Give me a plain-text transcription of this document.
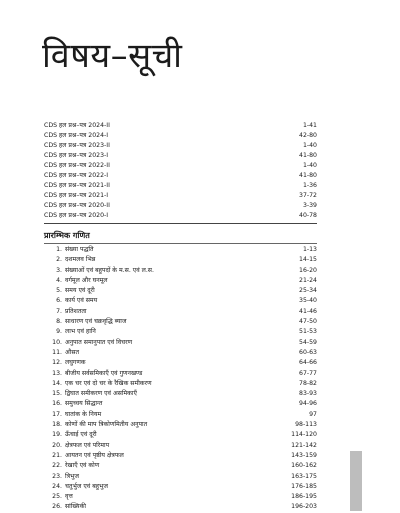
विषय–सूची
CDS हल प्रश्न–पत्र 2024-II	1-41
CDS हल प्रश्न–पत्र 2024-I	42-80
CDS हल प्रश्न–पत्र 2023-II	1-40
CDS हल प्रश्न–पत्र 2023-I	41-80
CDS हल प्रश्न–पत्र 2022-II	1-40
CDS हल प्रश्न–पत्र 2022-I	41-80
CDS हल प्रश्न–पत्र 2021-II	1-36
CDS हल प्रश्न–पत्र 2021-I	37-72
CDS हल प्रश्न–पत्र 2020-II	3-39
CDS हल प्रश्न–पत्र 2020-I	40-78
प्रारम्भिक गणित
1. संख्या पद्धति	1-13
2. दशमलव भिन्न	14-15
3. संख्याओं एवं बहुपदों के म.स. एवं ल.स.	16-20
4. वर्गमूल और घनमूल	21-24
5. समय एवं दूरी	25-34
6. कार्य एवं समय	35-40
7. प्रतिशतता	41-46
8. साधारण एवं चक्रवृद्धि ब्याज	47-50
9. लाभ एवं हानि	51-53
10. अनुपात समानुपात एवं विचरण	54-59
11. औसत	60-63
12. लघुगणक	64-66
13. बीजीय सर्वसमिकाएँ एवं गुणनखण्ड	67-77
14. एक चर एवं दो चर के रैखिक समीकरण	78-82
15. द्विघात समीकरण एवं असमिकाएँ	83-93
16. समुच्चय सिद्धान्त	94-96
17. घातांक के नियम	97
18. कोणों की माप त्रिकोणमितीय अनुपात	98-113
19. ऊँचाई एवं दूरी	114-120
20. क्षेत्रफल एवं परिमाप	121-142
21. आयतन एवं पृष्ठीय क्षेत्रफल	143-159
22. रेखाएँ एवं कोण	160-162
23. त्रिभुज	163-175
24. चतुर्भुज एवं बहुभुज	176-185
25. वृत्त	186-195
26. सांख्यिकी	196-203
